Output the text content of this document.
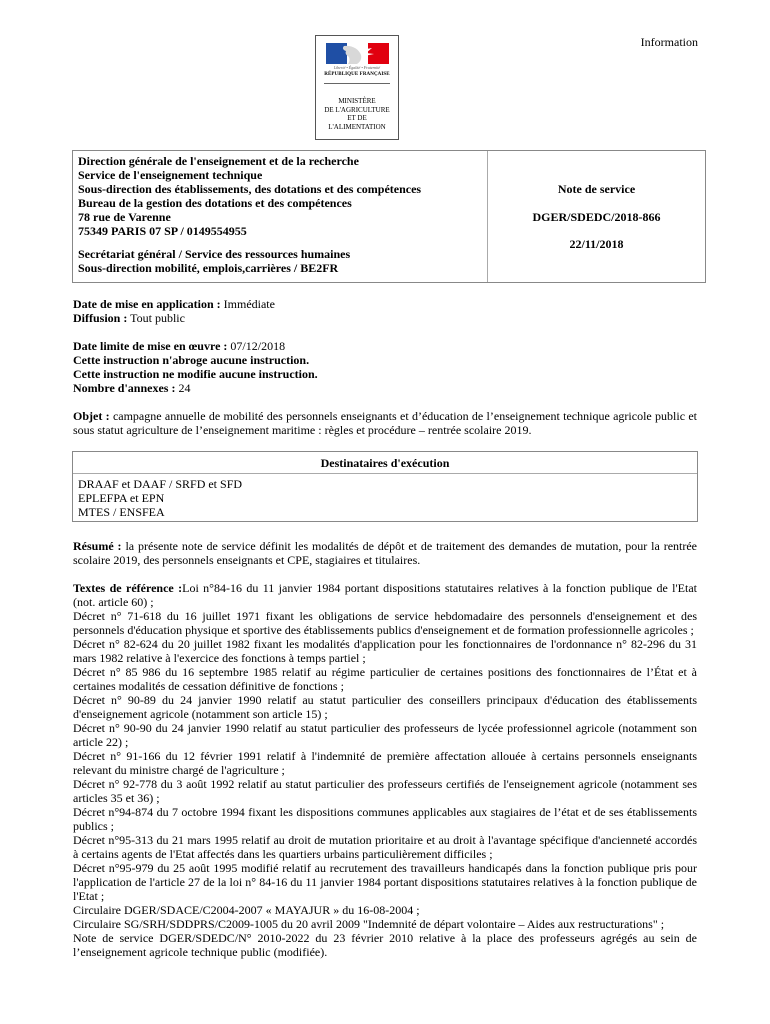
Information
Liberté • Égalité • Fraternité
RÉPUBLIQUE FRANÇAISE
MINISTÈRE
DE L'AGRICULTURE
ET DE
L'ALIMENTATION
Direction générale de l'enseignement et de la recherche
Service de l'enseignement technique
Sous-direction des établissements, des dotations et des compétences
Bureau de la gestion des dotations et des compétences
78 rue de Varenne
75349 PARIS 07 SP / 0149554955
Secrétariat général / Service des ressources humaines
Sous-direction mobilité, emplois,carrières / BE2FR
Note de service
DGER/SDEDC/2018-866
22/11/2018
Date de mise en application : Immédiate
Diffusion : Tout public
Date limite de mise en œuvre : 07/12/2018
Cette instruction n'abroge aucune instruction.
Cette instruction ne modifie aucune instruction.
Nombre d'annexes : 24
Objet : campagne annuelle de mobilité des personnels enseignants et d’éducation de l’enseignement technique agricole public et sous statut agriculture de l’enseignement maritime : règles et procédure – rentrée scolaire 2019.
Destinataires d'exécution
DRAAF et DAAF / SRFD et SFD
EPLEFPA et EPN
MTES / ENSFEA
Résumé : la présente note de service définit les modalités de dépôt et de traitement des demandes de mutation, pour la rentrée scolaire 2019, des personnels enseignants et CPE, stagiaires et titulaires.

Textes de référence :Loi n°84-16 du 11 janvier 1984 portant dispositions statutaires relatives à la fonction publique de l'Etat (not. article 60) ;

Décret n° 71-618 du 16 juillet 1971 fixant les obligations de service hebdomadaire des personnels d'enseignement et des personnels d'éducation physique et sportive des établissements publics d'enseignement et de formation professionnelle agricoles ;

Décret n° 82-624 du 20 juillet 1982 fixant les modalités d'application pour les fonctionnaires de l'ordonnance n° 82-296 du 31 mars 1982 relative à l'exercice des fonctions à temps partiel ;

Décret n° 85 986 du 16 septembre 1985 relatif au régime particulier de certaines positions des fonctionnaires de l’État et à certaines modalités de cessation définitive de fonctions ;

Décret n° 90-89 du 24 janvier 1990 relatif au statut particulier des conseillers principaux d'éducation des établissements d'enseignement agricole (notamment son article 15) ;

Décret n° 90-90 du 24 janvier 1990 relatif au statut particulier des professeurs de lycée professionnel agricole (notamment son article 22) ;

Décret n° 91-166 du 12 février 1991 relatif à l'indemnité de première affectation allouée à certains personnels enseignants relevant du ministre chargé de l'agriculture ;

Décret n° 92-778 du 3 août 1992 relatif au statut particulier des professeurs certifiés de l'enseignement agricole (notamment ses articles 35 et 36) ;

Décret n°94-874 du 7 octobre 1994 fixant les dispositions communes applicables aux stagiaires de l’état et de ses établissements publics ;

Décret n°95-313 du 21 mars 1995 relatif au droit de mutation prioritaire et au droit à l'avantage spécifique d'ancienneté accordés à certains agents de l'Etat affectés dans les quartiers urbains particulièrement difficiles ;

Décret n°95-979 du 25 août 1995 modifié relatif au recrutement des travailleurs handicapés dans la fonction publique pris pour l'application de l'article 27 de la loi n° 84-16 du 11 janvier 1984 portant dispositions statutaires relatives à la fonction publique de l'Etat ;

Circulaire DGER/SDACE/C2004-2007 « MAYAJUR » du 16-08-2004 ;

Circulaire SG/SRH/SDDPRS/C2009-1005 du 20 avril 2009 "Indemnité de départ volontaire – Aides aux restructurations" ;

Note de service DGER/SDEDC/N° 2010-2022 du 23 février 2010 relative à la place des professeurs agrégés au sein de l’enseignement agricole technique public (modifiée).
